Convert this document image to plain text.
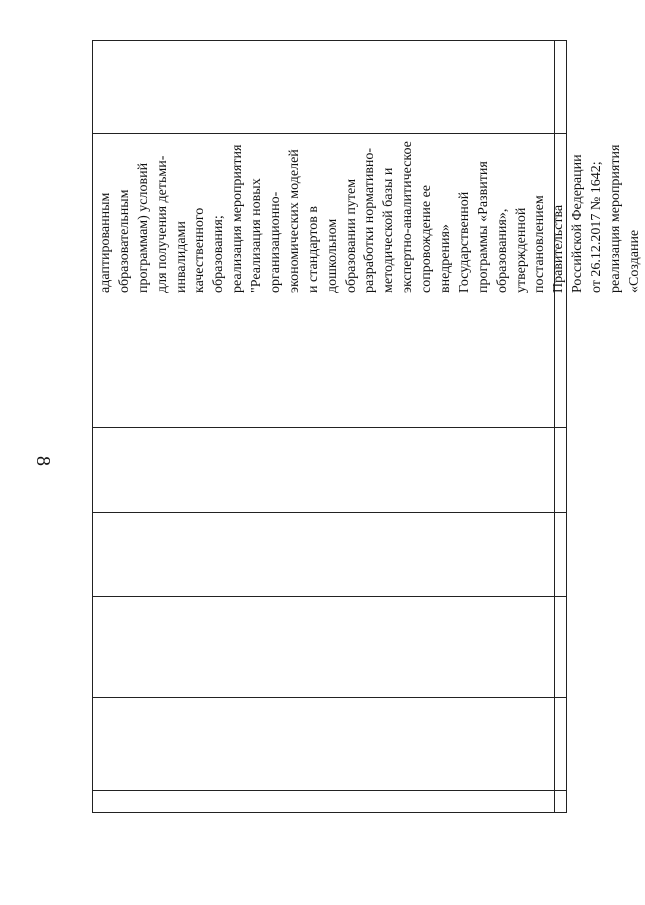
8
адаптированным образовательным программам) условий для получения детьми- инвалидами качественного образования; реализация мероприятия "Реализация новых организационно- экономических моделей и стандартов в дошкольном образовании путем разработки нормативно- методической базы и экспертно-аналитическое сопровождение ее внедрения» Государственной программы «Развития образования», утвержденной постановлением Правительства Российской Федерации от 26.12.2017 № 1642; реализация мероприятия «Создание
